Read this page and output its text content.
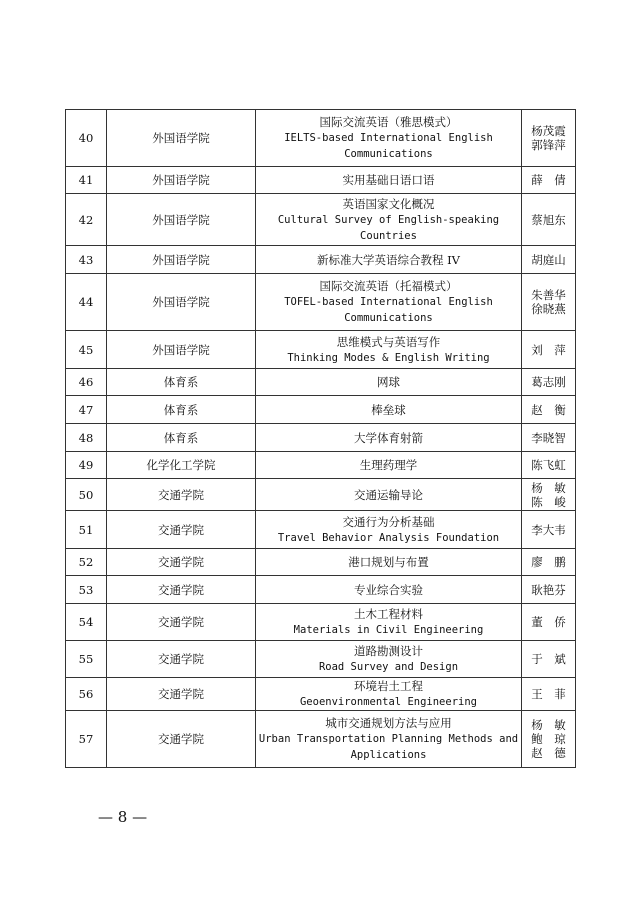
40	外国语学院	国际交流英语（雅思模式）
IELTS-based International English
Communications	杨茂霞
郭锋萍

41	外国语学院	实用基础日语口语	薛　倩

42	外国语学院	英语国家文化概况
Cultural Survey of English-speaking
Countries	蔡旭东

43	外国语学院	新标准大学英语综合教程 IV	胡庭山

44	外国语学院	国际交流英语（托福模式）
TOFEL-based International English
Communications	朱善华
徐晓燕

45	外国语学院	思维模式与英语写作
Thinking Modes & English Writing	刘　萍

46	体育系	网球	葛志刚

47	体育系	棒垒球	赵　衡

48	体育系	大学体育射箭	李晓智

49	化学化工学院	生理药理学	陈飞虹

50	交通学院	交通运输导论	杨　敏
陈　峻

51	交通学院	交通行为分析基础
Travel Behavior Analysis Foundation	李大韦

52	交通学院	港口规划与布置	廖　鹏

53	交通学院	专业综合实验	耿艳芬

54	交通学院	土木工程材料
Materials in Civil Engineering	董　侨

55	交通学院	道路勘测设计
Road Survey and Design	于　斌

56	交通学院	环境岩土工程
Geoenvironmental Engineering	王　菲

57	交通学院	城市交通规划方法与应用
Urban Transportation Planning Methods and
Applications	杨　敏
鲍　琼
赵　德
— 8 —
